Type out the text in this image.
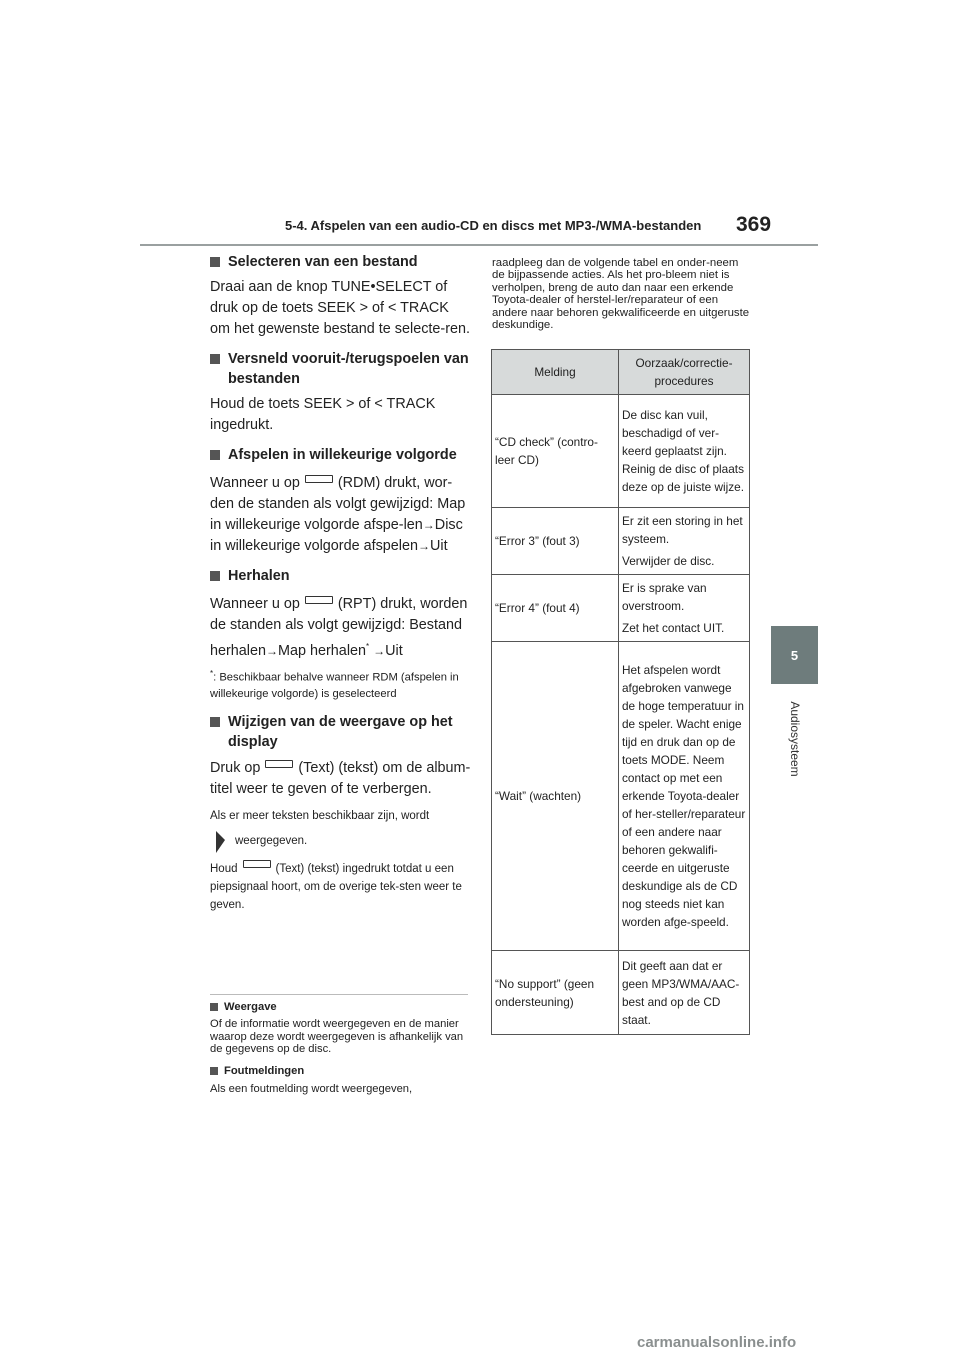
5-4. Afspelen van een audio-CD en discs met MP3-/WMA-bestanden 369
5
Audiosysteem

Selecteren van een bestand

Draai aan de knop TUNE•SELECT of druk op de toets SEEK > of < TRACK om het gewenste bestand te selecte-ren.

Versneld vooruit-/terugspoelen van bestanden

Houd de toets SEEK > of < TRACK ingedrukt.

Afspelen in willekeurige volgorde

Wanneer u op	(RDM) drukt, wor-den de standen als volgt gewijzigd: Map in willekeurige volgorde afspe-len→Disc in willekeurige volgorde afspelen→Uit

Herhalen

Wanneer u op	(RPT) drukt, worden de standen als volgt gewijzigd: Bestand herhalen→Map herhalen* →Uit

*: Beschikbaar behalve wanneer RDM (afspelen in willekeurige volgorde) is geselecteerd

Wijzigen van de weergave op het display

Druk op	(Text) (tekst) om de album-titel weer te geven of te verbergen.

Als er meer teksten beschikbaar zijn, wordt

weergegeven.

Houd	(Text) (tekst) ingedrukt totdat u een piepsignaal hoort, om de overige tek-sten weer te geven.

Weergave

Of de informatie wordt weergegeven en de manier waarop deze wordt weergegeven is afhankelijk van de gegevens op de disc.

Foutmeldingen

Als een foutmelding wordt weergegeven,

raadpleeg dan de volgende tabel en onder-neem de bijpassende acties. Als het pro-bleem niet is verholpen, breng de auto dan naar een erkende Toyota-dealer of herstel-ler/reparateur of een andere naar behoren gekwalificeerde en uitgeruste deskundige.
Melding	Oorzaak/correctie-procedures
“CD check” (contro-leer CD)	De disc kan vuil, beschadigd of ver-keerd geplaatst zijn. Reinig de disc of plaats deze op de juiste wijze.

“Error 3” (fout 3)	Er zit een storing in het systeem.

Verwijder de disc.

“Error 4” (fout 4)	Er is sprake van overstroom.

Zet het contact UIT.

“Wait” (wachten)	Het afspelen wordt afgebroken vanwege de hoge temperatuur in de speler. Wacht enige tijd en druk dan op de toets MODE. Neem contact op met een erkende Toyota-dealer of her-steller/reparateur of een andere naar behoren gekwalifi-ceerde en uitgeruste deskundige als de CD nog steeds niet kan worden afge-speeld.

“No support” (geen ondersteuning)	Dit geeft aan dat er geen MP3/WMA/AAC-best and op de CD staat.

carmanualsonline.info
